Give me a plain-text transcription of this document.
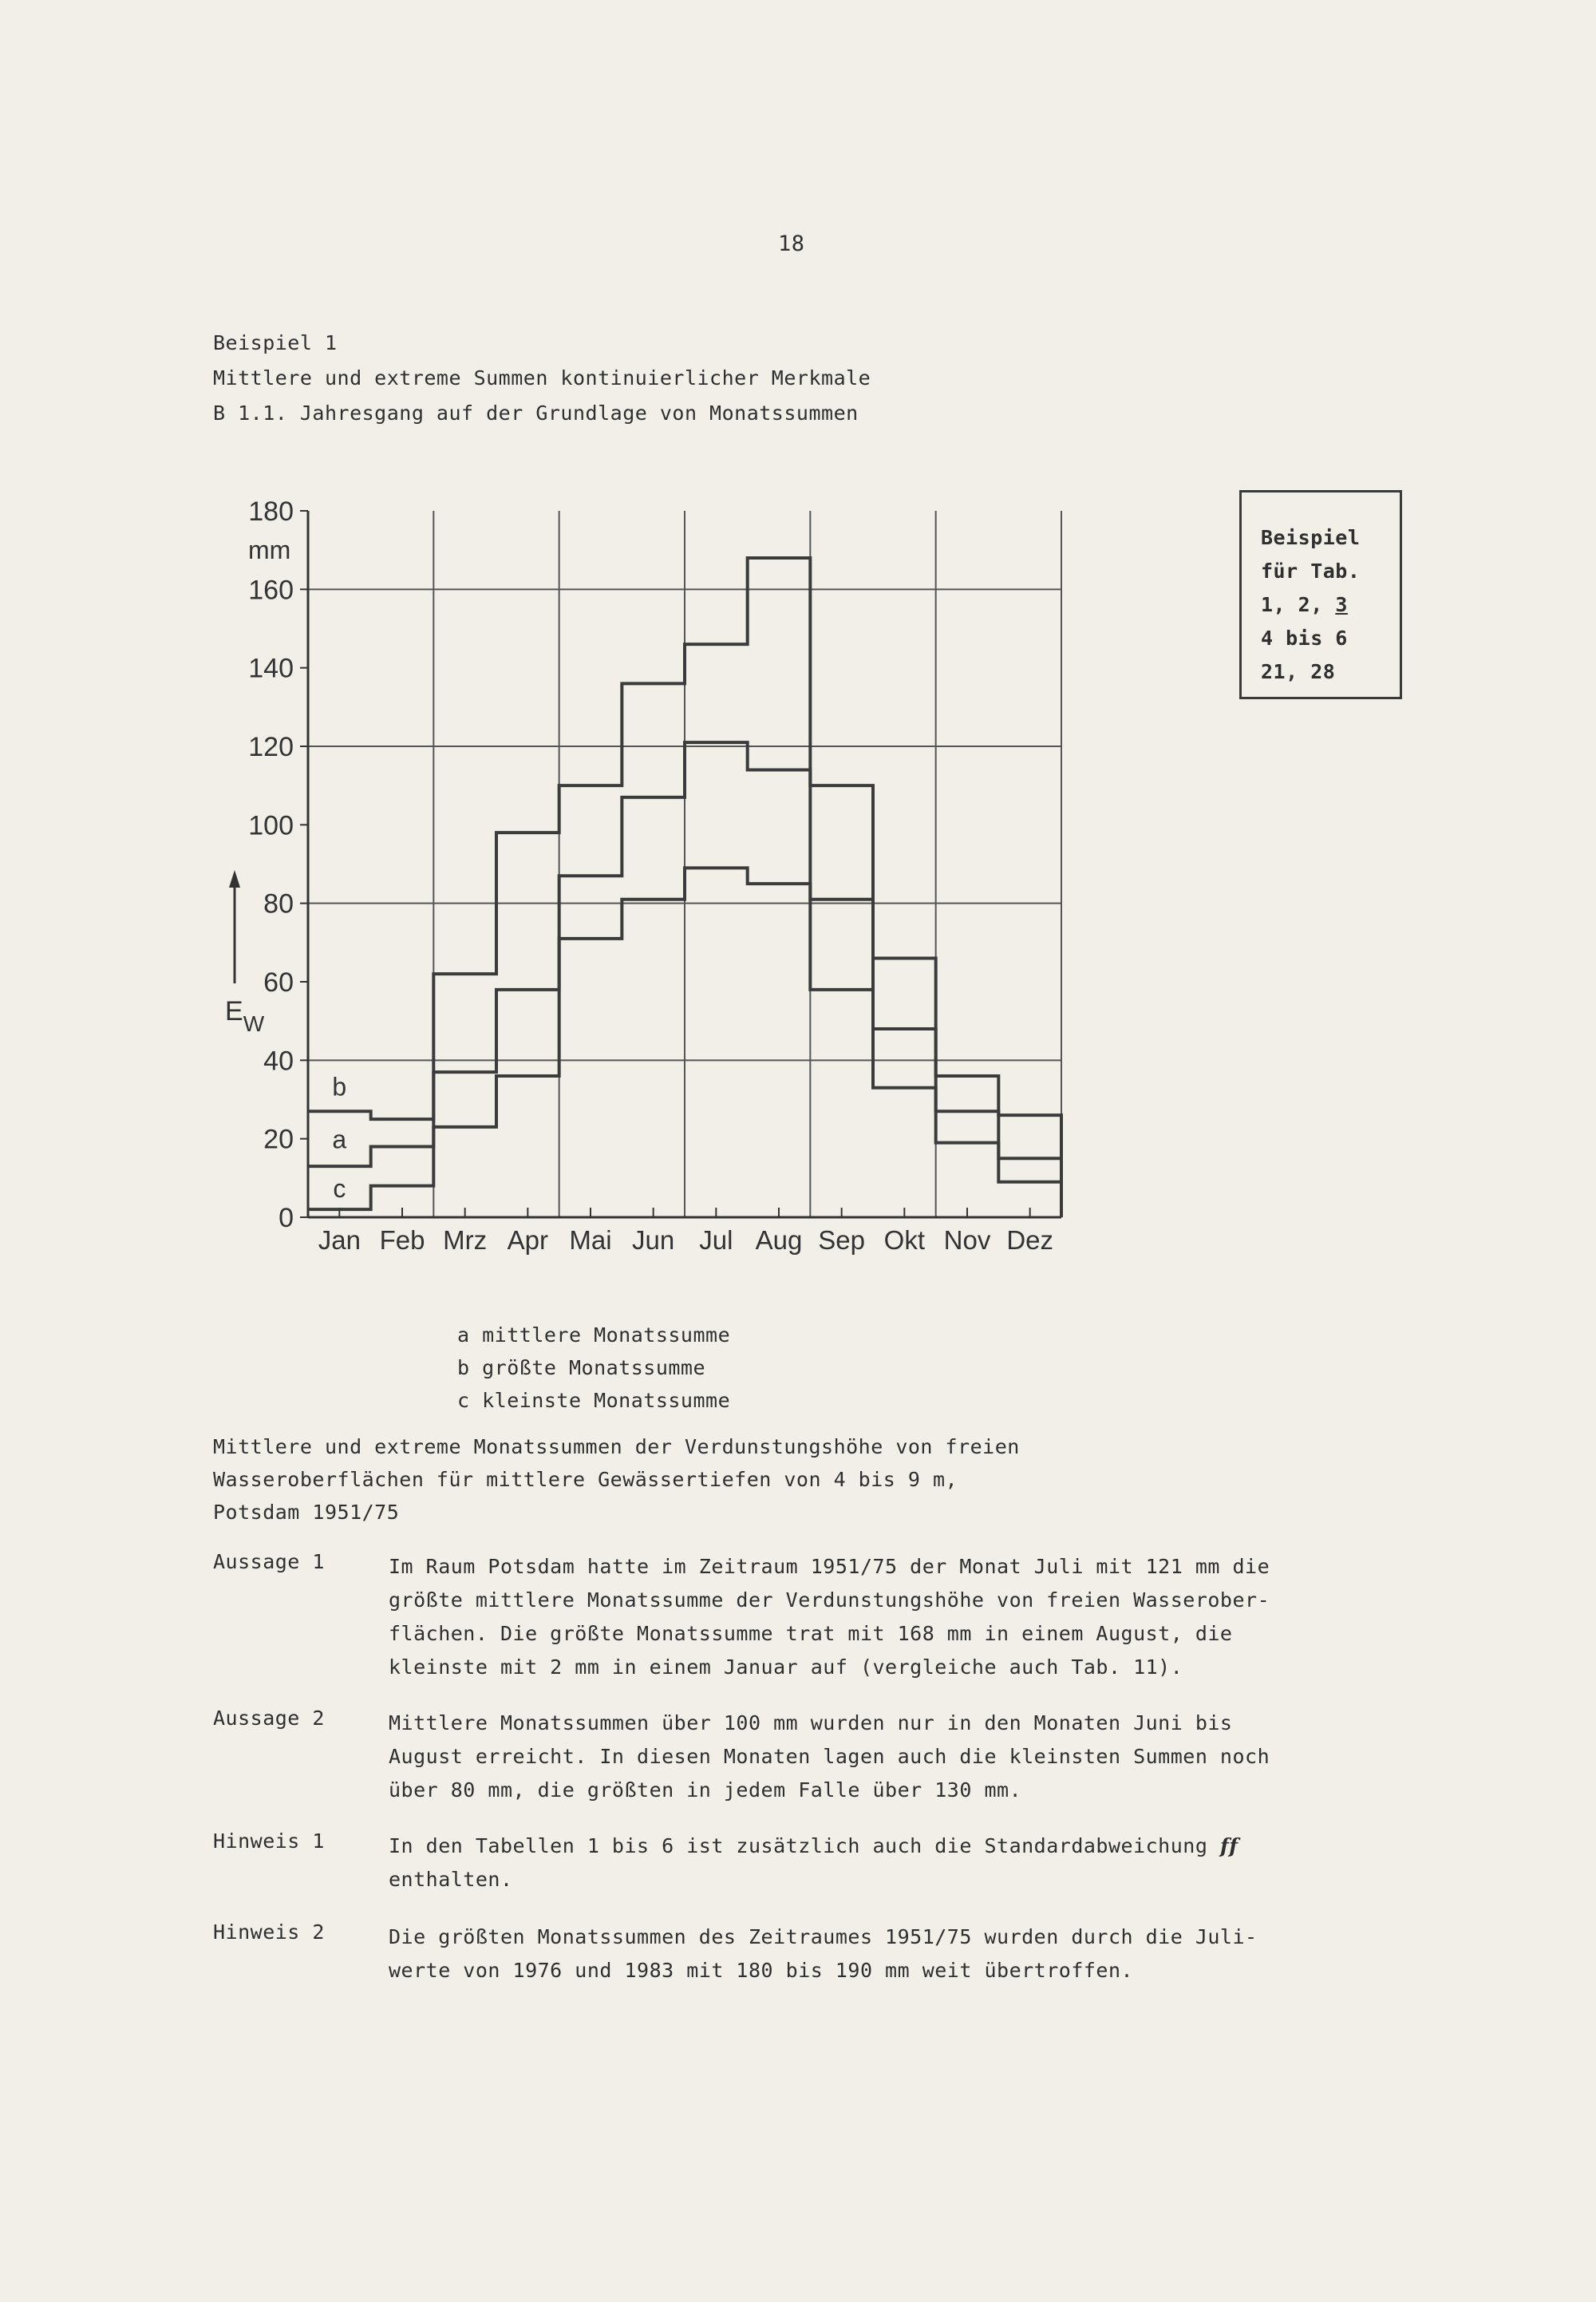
18
Beispiel 1
Mittlere und extreme Summen kontinuierlicher Merkmale
B 1.1. Jahresgang auf der Grundlage von Monatssummen
Beispiel
für Tab.
1, 2, 3
4 bis 6
21, 28
0
20
40
60
80
100
120
140
160
180
Jan Feb Mrz Apr Mai Jun Jul Aug Sep Okt Nov Dez
b
a
c
$E_W$
mm
a mittlere Monatssumme
b größte Monatssumme
c kleinste Monatssumme
Mittlere und extreme Monatssummen der Verdunstungshöhe von freien
Wasseroberflächen für mittlere Gewässertiefen von 4 bis 9 m,
Potsdam 1951/75
Aussage 1	Im Raum Potsdam hatte im Zeitraum 1951/75 der Monat Juli mit 121 mm die
größte mittlere Monatssumme der Verdunstungshöhe von freien Wasserober-
flächen. Die größte Monatssumme trat mit 168 mm in einem August, die
kleinste mit 2 mm in einem Januar auf (vergleiche auch Tab. 11).
Aussage 2	Mittlere Monatssummen über 100 mm wurden nur in den Monaten Juni bis
August erreicht. In diesen Monaten lagen auch die kleinsten Summen noch
über 80 mm, die größten in jedem Falle über 130 mm.
Hinweis 1	In den Tabellen 1 bis 6 ist zusätzlich auch die Standardabweichung ff
enthalten.
Hinweis 2	Die größten Monatssummen des Zeitraumes 1951/75 wurden durch die Juli-
werte von 1976 und 1983 mit 180 bis 190 mm weit übertroffen.
